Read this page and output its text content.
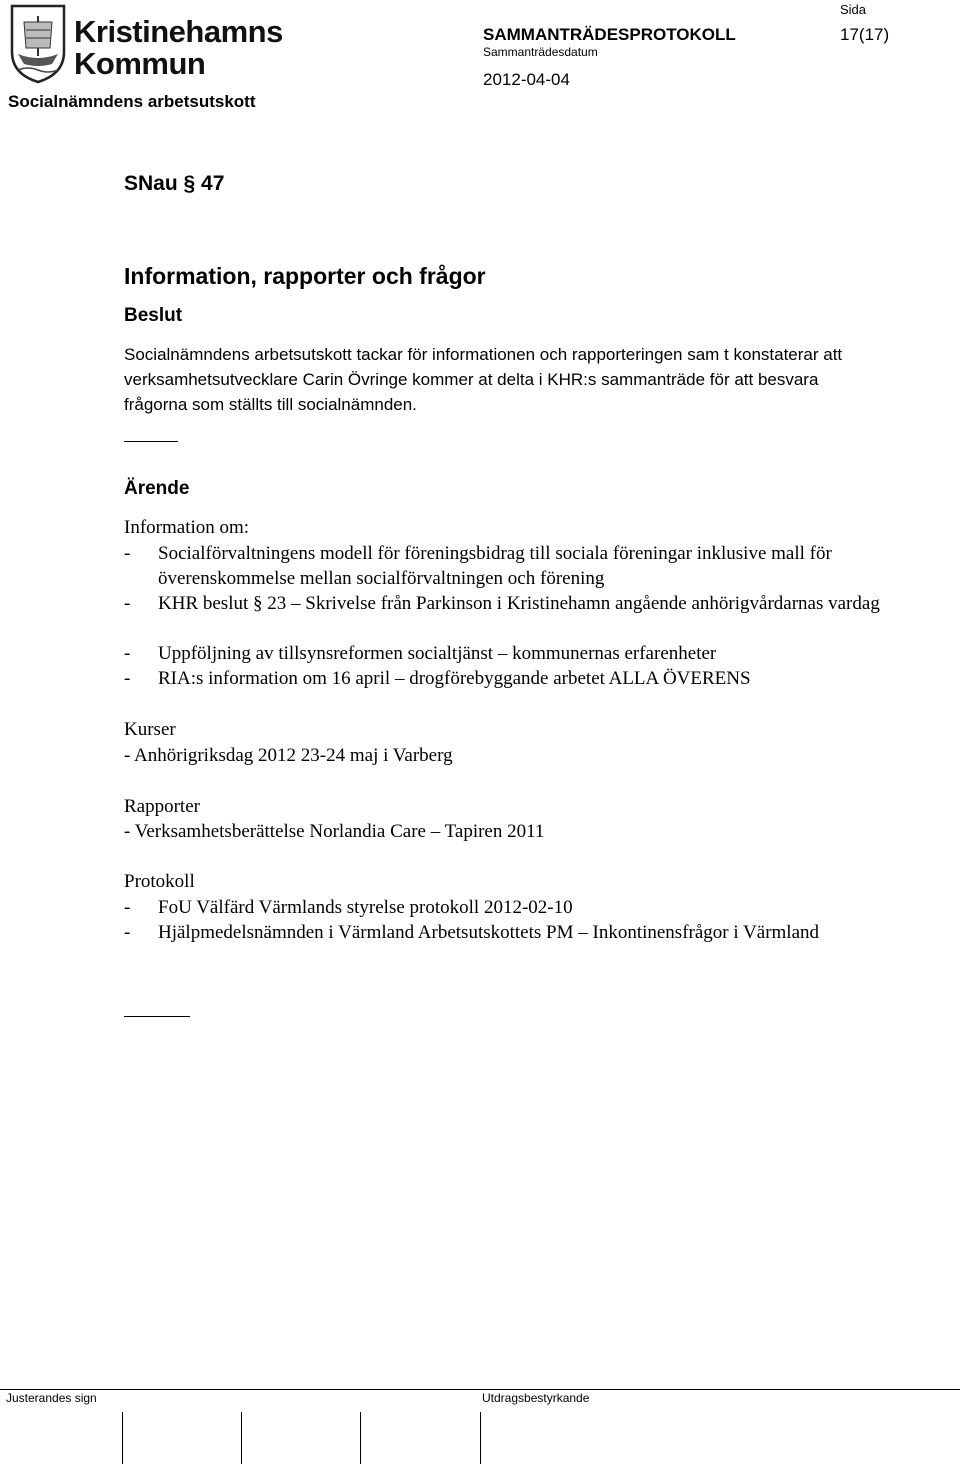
Kristinehamns
Kommun
Socialnämndens arbetsutskott
SAMMANTRÄDESPROTOKOLL
Sammanträdesdatum
2012-04-04
Sida
17(17)
SNau § 47
Information, rapporter och frågor
Beslut
Socialnämndens arbetsutskott tackar för informationen och rapporteringen sam t konstaterar att verksamhetsutvecklare Carin Övringe kommer at delta i KHR:s sammanträde för att besvara frågorna som ställts till socialnämnden.
Ärende
Information om:
- Socialförvaltningens modell för föreningsbidrag till sociala föreningar inklusive mall för överenskommelse mellan socialförvaltningen och förening
- KHR beslut § 23 – Skrivelse från Parkinson i Kristinehamn angående anhörigvårdarnas vardag
- Uppföljning av tillsynsreformen socialtjänst – kommunernas erfarenheter
- RIA:s information om 16 april – drogförebyggande arbetet ALLA ÖVERENS
Kurser
- Anhörigriksdag 2012 23-24 maj i Varberg
Rapporter
- Verksamhetsberättelse Norlandia Care – Tapiren 2011
Protokoll
- FoU Välfärd Värmlands styrelse protokoll 2012-02-10
- Hjälpmedelsnämnden i Värmland Arbetsutskottets PM – Inkontinensfrågor i Värmland
Justerandes sign	Utdragsbestyrkande
